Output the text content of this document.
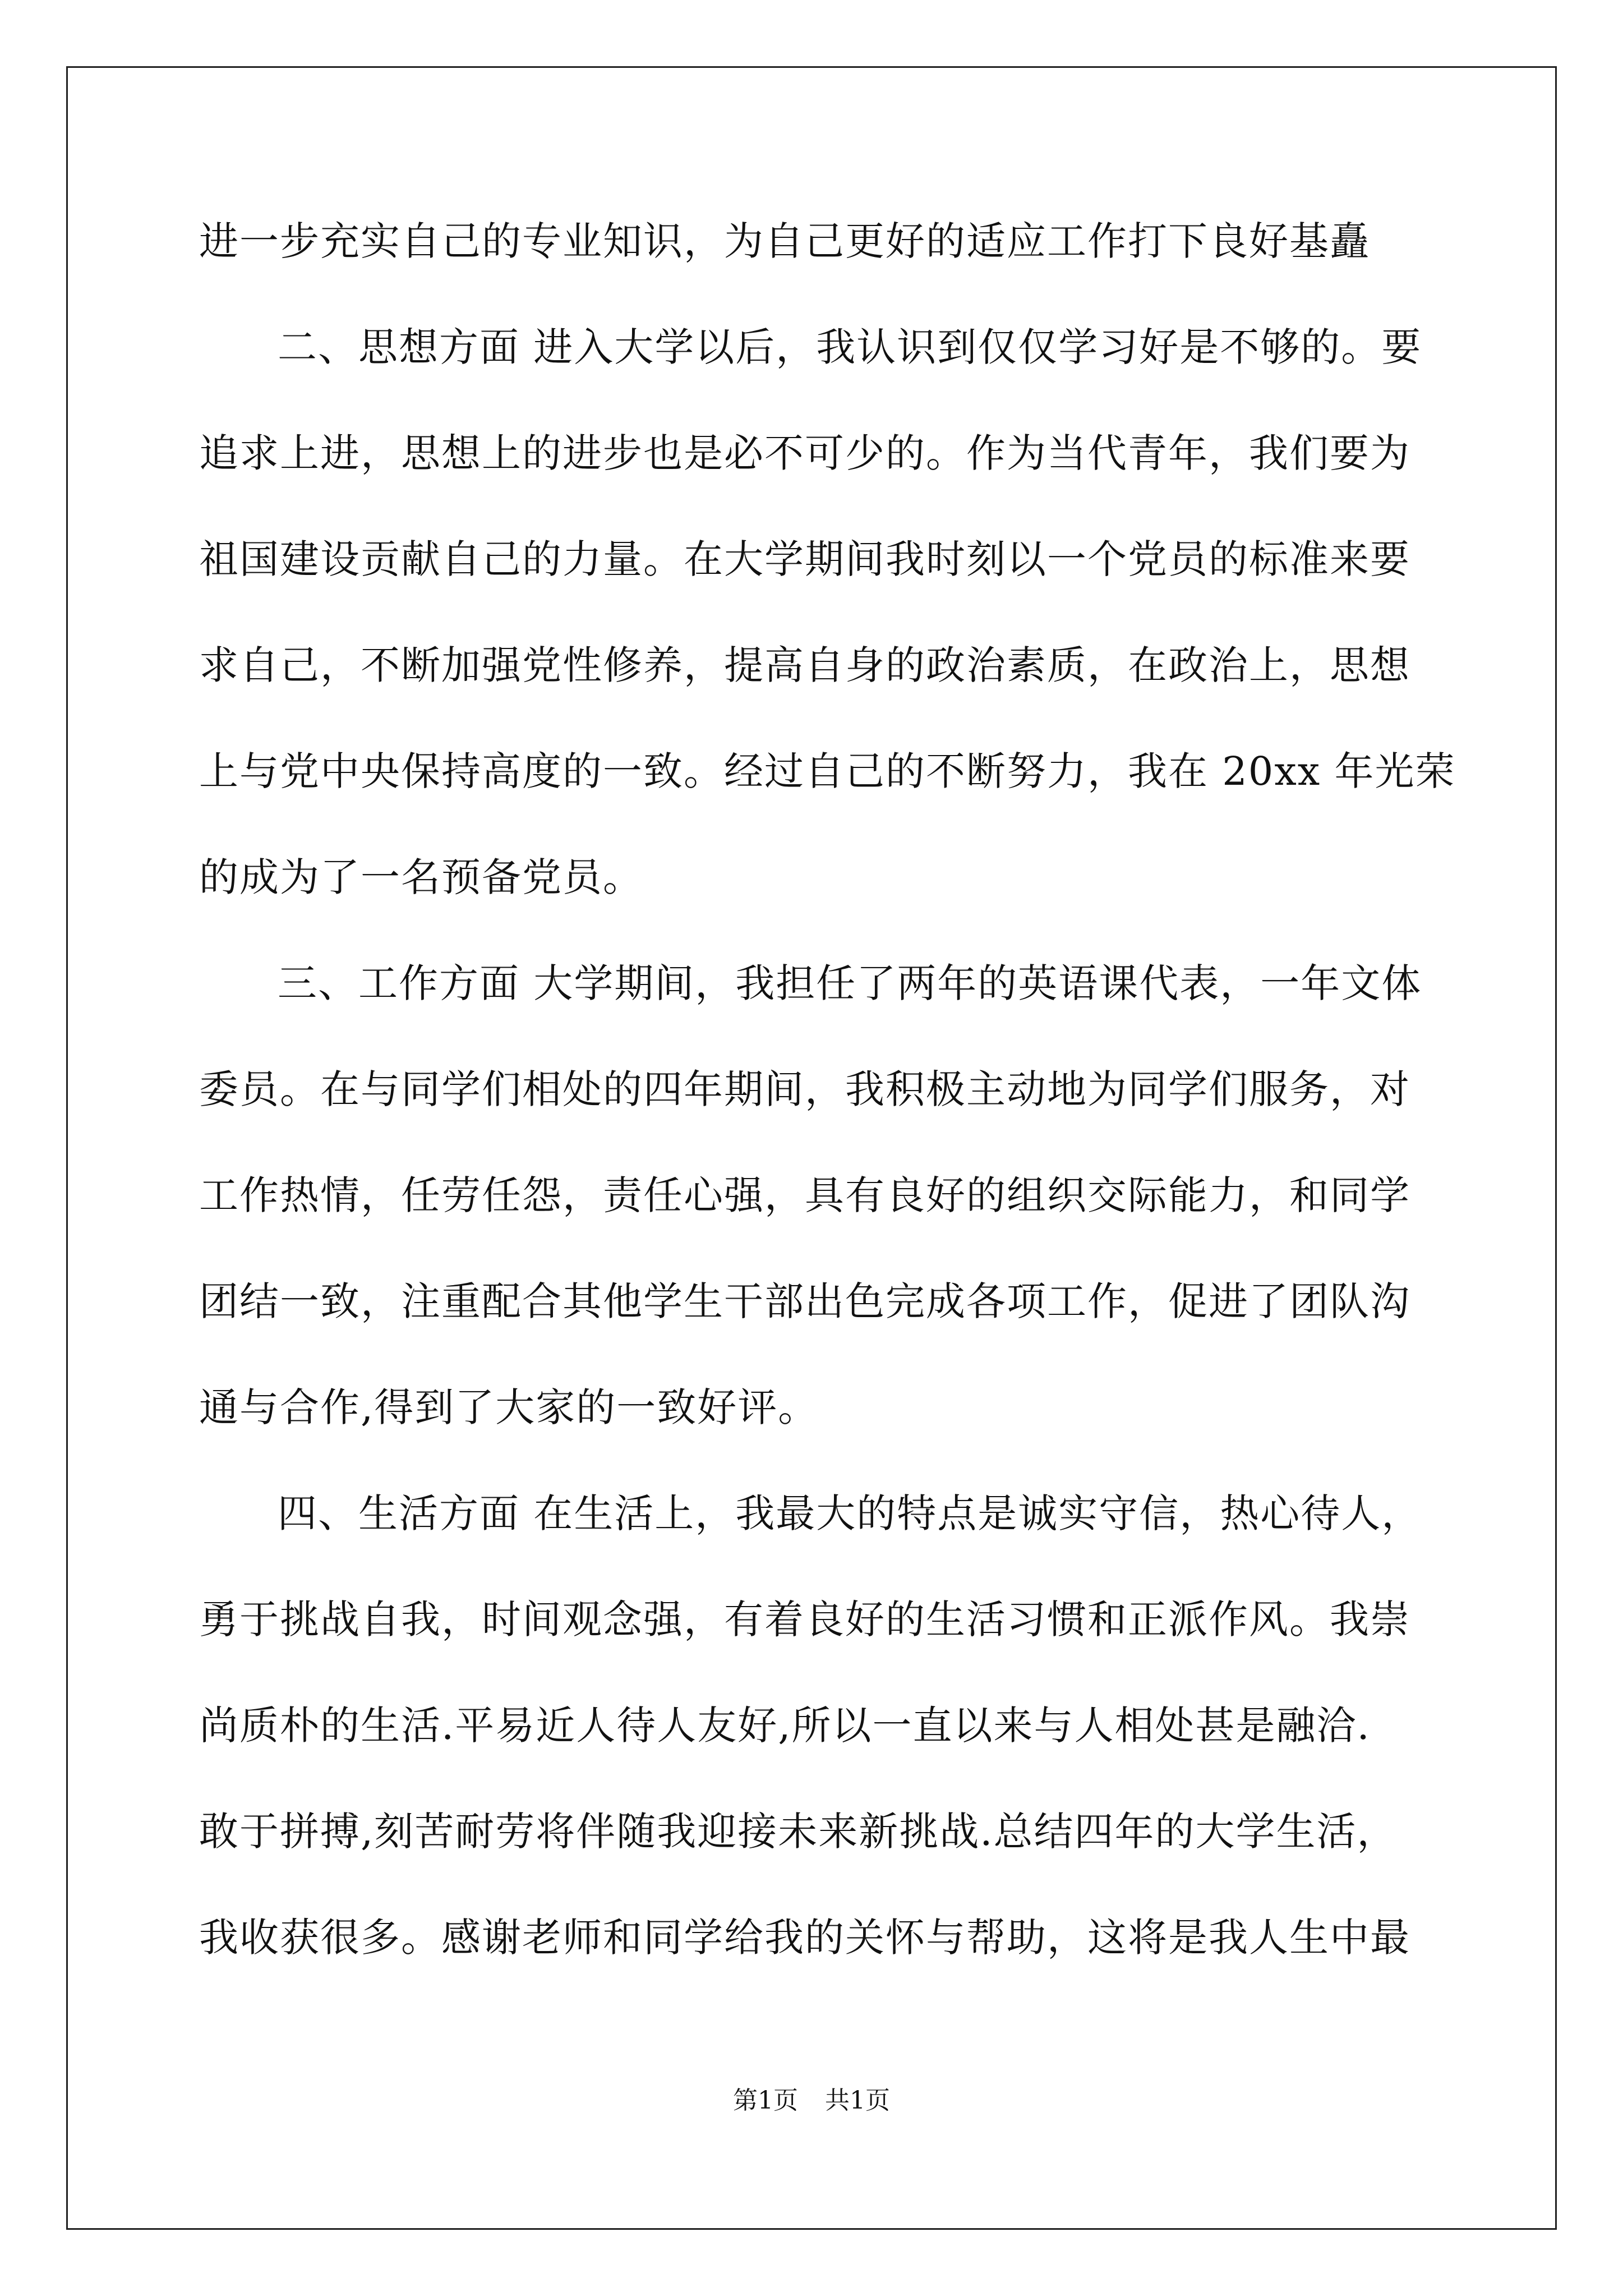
进一步充实自己的专业知识，为自己更好的适应工作打下良好基矗
二、思想方面 进入大学以后，我认识到仅仅学习好是不够的。要
追求上进，思想上的进步也是必不可少的。作为当代青年，我们要为
祖国建设贡献自己的力量。在大学期间我时刻以一个党员的标准来要
求自己，不断加强党性修养，提高自身的政治素质，在政治上，思想
上与党中央保持高度的一致。经过自己的不断努力，我在 20xx 年光荣
的成为了一名预备党员。
三、工作方面 大学期间，我担任了两年的英语课代表，一年文体
委员。在与同学们相处的四年期间，我积极主动地为同学们服务，对
工作热情，任劳任怨，责任心强，具有良好的组织交际能力，和同学
团结一致，注重配合其他学生干部出色完成各项工作，促进了团队沟
通与合作,得到了大家的一致好评。
四、生活方面 在生活上，我最大的特点是诚实守信，热心待人，
勇于挑战自我，时间观念强，有着良好的生活习惯和正派作风。我崇
尚质朴的生活.平易近人待人友好,所以一直以来与人相处甚是融洽.
敢于拼搏,刻苦耐劳将伴随我迎接未来新挑战.总结四年的大学生活，
我收获很多。感谢老师和同学给我的关怀与帮助，这将是我人生中最
第1页 共1页
